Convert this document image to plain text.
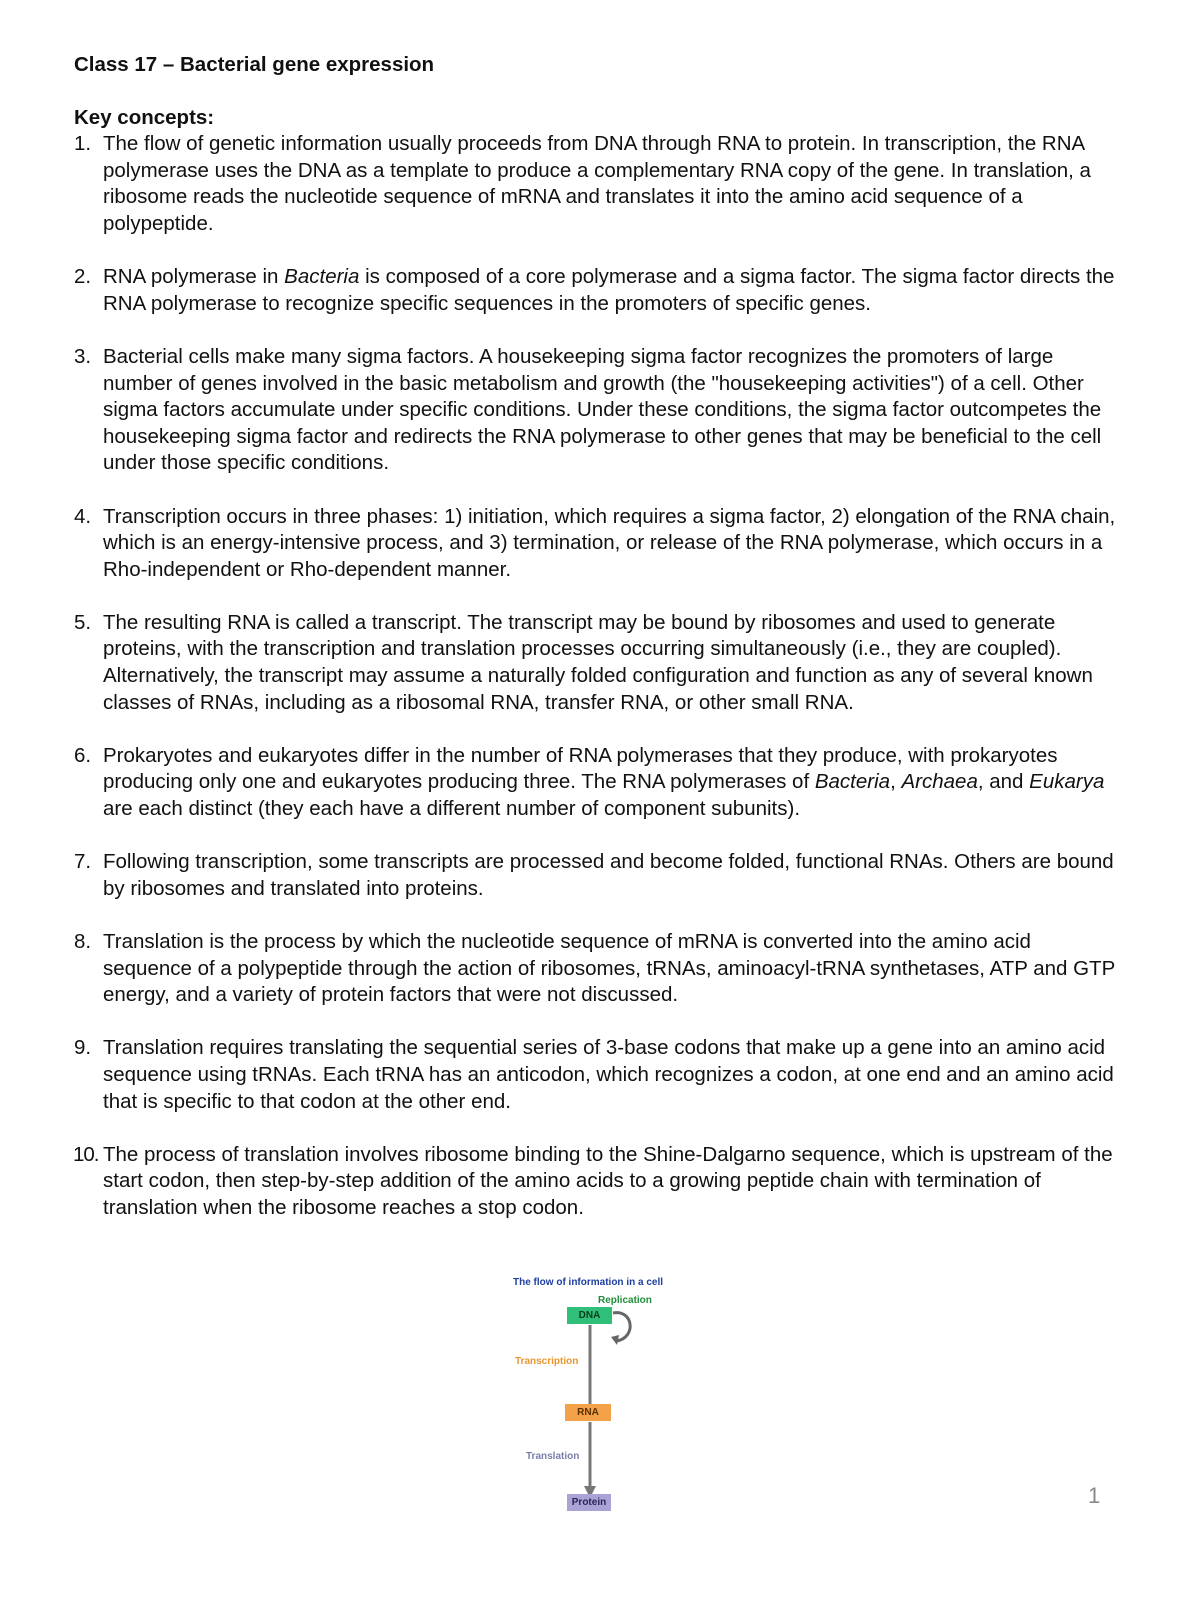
Class 17 – Bacterial gene expression

Key concepts:

1. The flow of genetic information usually proceeds from DNA through RNA to protein. In transcription, the RNA polymerase uses the DNA as a template to produce a complementary RNA copy of the gene. In translation, a ribosome reads the nucleotide sequence of mRNA and translates it into the amino acid sequence of a polypeptide.
2. RNA polymerase in Bacteria is composed of a core polymerase and a sigma factor. The sigma factor directs the RNA polymerase to recognize specific sequences in the promoters of specific genes.
3. Bacterial cells make many sigma factors. A housekeeping sigma factor recognizes the promoters of large number of genes involved in the basic metabolism and growth (the "housekeeping activities") of a cell. Other sigma factors accumulate under specific conditions. Under these conditions, the sigma factor outcompetes the housekeeping sigma factor and redirects the RNA polymerase to other genes that may be beneficial to the cell under those specific conditions.
4. Transcription occurs in three phases: 1) initiation, which requires a sigma factor, 2) elongation of the RNA chain, which is an energy-intensive process, and 3) termination, or release of the RNA polymerase, which occurs in a Rho-independent or Rho-dependent manner.
5. The resulting RNA is called a transcript. The transcript may be bound by ribosomes and used to generate proteins, with the transcription and translation processes occurring simultaneously (i.e., they are coupled). Alternatively, the transcript may assume a naturally folded configuration and function as any of several known classes of RNAs, including as a ribosomal RNA, transfer RNA, or other small RNA.
6. Prokaryotes and eukaryotes differ in the number of RNA polymerases that they produce, with prokaryotes producing only one and eukaryotes producing three. The RNA polymerases of Bacteria, Archaea, and Eukarya are each distinct (they each have a different number of component subunits).
7. Following transcription, some transcripts are processed and become folded, functional RNAs. Others are bound by ribosomes and translated into proteins.
8. Translation is the process by which the nucleotide sequence of mRNA is converted into the amino acid sequence of a polypeptide through the action of ribosomes, tRNAs, aminoacyl-tRNA synthetases, ATP and GTP energy, and a variety of protein factors that were not discussed.
9. Translation requires translating the sequential series of 3-base codons that make up a gene into an amino acid sequence using tRNAs. Each tRNA has an anticodon, which recognizes a codon, at one end and an amino acid that is specific to that codon at the other end.
10. The process of translation involves ribosome binding to the Shine-Dalgarno sequence, which is upstream of the start codon, then step-by-step addition of the amino acids to a growing peptide chain with termination of translation when the ribosome reaches a stop codon.
The flow of information in a cell
Replication
DNA
Transcription
RNA
Translation
Protein	1
